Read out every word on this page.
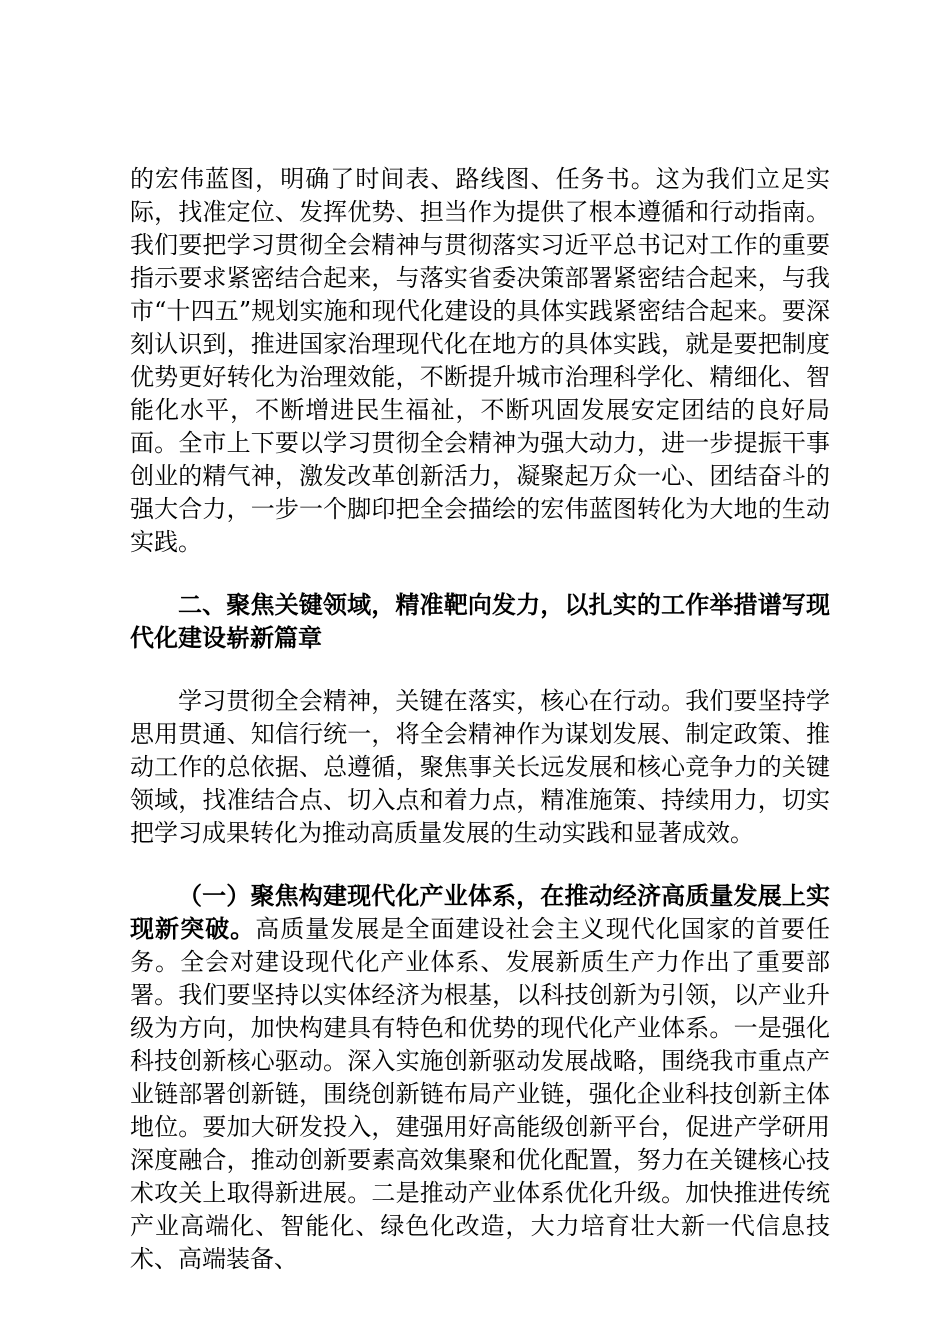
的宏伟蓝图，明确了时间表、路线图、任务书。这为我们立足实际，找准定位、发挥优势、担当作为提供了根本遵循和行动指南。我们要把学习贯彻全会精神与贯彻落实习近平总书记对工作的重要指示要求紧密结合起来，与落实省委决策部署紧密结合起来，与我市“十四五”规划实施和现代化建设的具体实践紧密结合起来。要深刻认识到，推进国家治理现代化在地方的具体实践，就是要把制度优势更好转化为治理效能，不断提升城市治理科学化、精细化、智能化水平，不断增进民生福祉，不断巩固发展安定团结的良好局面。全市上下要以学习贯彻全会精神为强大动力，进一步提振干事创业的精气神，激发改革创新活力，凝聚起万众一心、团结奋斗的强大合力，一步一个脚印把全会描绘的宏伟蓝图转化为大地的生动实践。

二、聚焦关键领域，精准靶向发力，以扎实的工作举措谱写现代化建设崭新篇章

学习贯彻全会精神，关键在落实，核心在行动。我们要坚持学思用贯通、知信行统一，将全会精神作为谋划发展、制定政策、推动工作的总依据、总遵循，聚焦事关长远发展和核心竞争力的关键领域，找准结合点、切入点和着力点，精准施策、持续用力，切实把学习成果转化为推动高质量发展的生动实践和显著成效。

（一）聚焦构建现代化产业体系，在推动经济高质量发展上实现新突破。高质量发展是全面建设社会主义现代化国家的首要任务。全会对建设现代化产业体系、发展新质生产力作出了重要部署。我们要坚持以实体经济为根基，以科技创新为引领，以产业升级为方向，加快构建具有特色和优势的现代化产业体系。一是强化科技创新核心驱动。深入实施创新驱动发展战略，围绕我市重点产业链部署创新链，围绕创新链布局产业链，强化企业科技创新主体地位。要加大研发投入，建强用好高能级创新平台，促进产学研用深度融合，推动创新要素高效集聚和优化配置，努力在关键核心技术攻关上取得新进展。二是推动产业体系优化升级。加快推进传统产业高端化、智能化、绿色化改造，大力培育壮大新一代信息技术、高端装备、
